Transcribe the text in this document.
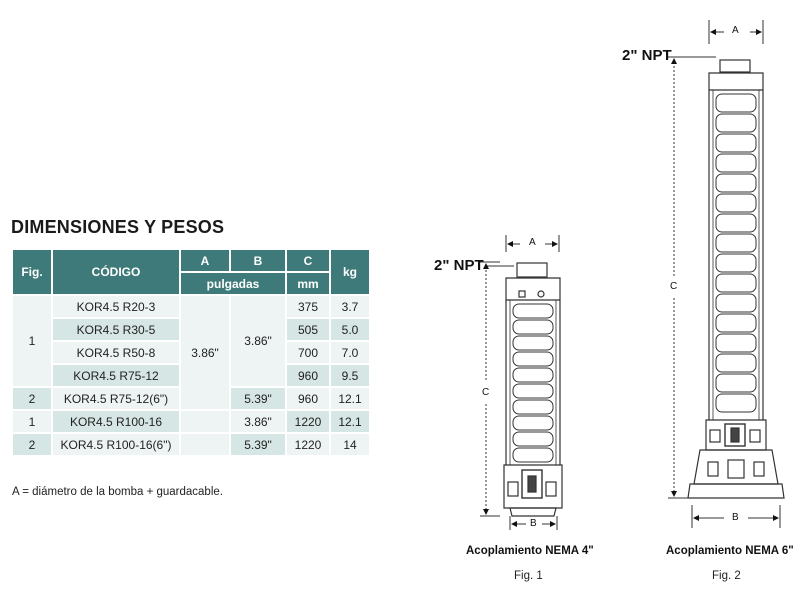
DIMENSIONES Y PESOS
Fig.	CÓDIGO	A	B	C	kg
		pulgadas		mm	
1	KOR4.5 R20-3	3.86"	3.86"	375	3.7
	KOR4.5 R30-5			505	5.0
	KOR4.5 R50-8			700	7.0
	KOR4.5 R75-12			960	9.5
2	KOR4.5 R75-12(6")		5.39"	960	12.1
1	KOR4.5 R100-16		3.86"	1220	12.1
2	KOR4.5 R100-16(6")		5.39"	1220	14
A = diámetro de la bomba + guardacable.
A
2" NPT
C
B
Acoplamiento NEMA 4"
Fig. 1
A
2" NPT
C
B
Acoplamiento NEMA 6"
Fig. 2
